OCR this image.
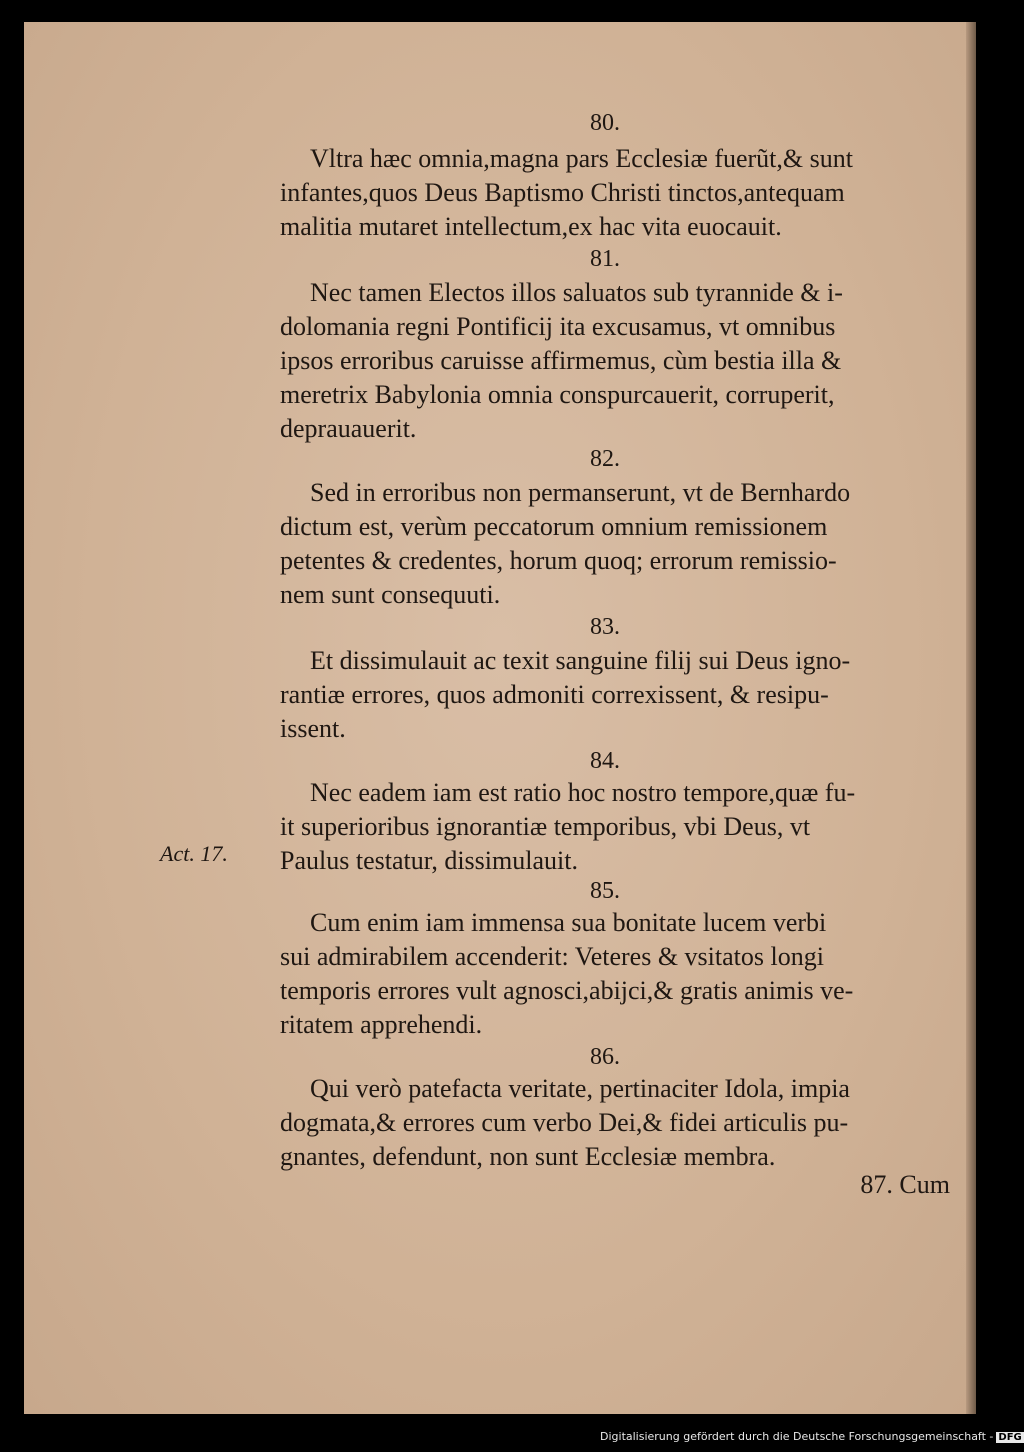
80.

Vltra hæc omnia,magna pars Ecclesiæ fuerũt,& sunt
infantes,quos Deus Baptismo Christi tinctos,antequam
malitia mutaret intellectum,ex hac vita euocauit.

81.

Nec tamen Electos illos saluatos sub tyrannide & i-
dolomania regni Pontificij ita excusamus, vt omnibus
ipsos erroribus caruisse affirmemus, cùm bestia illa &
meretrix Babylonia omnia conspurcauerit, corruperit,
deprauauerit.

82.

Sed in erroribus non permanserunt, vt de Bernhardo
dictum est, verùm peccatorum omnium remissionem
petentes & credentes, horum quoq; errorum remissio-
nem sunt consequuti.

83.

Et dissimulauit ac texit sanguine filij sui Deus igno-
rantiæ errores, quos admoniti correxissent, & resipu-
issent.

84.

Nec eadem iam est ratio hoc nostro tempore,quæ fu-
it superioribus ignorantiæ temporibus, vbi Deus, vt
Paulus testatur, dissimulauit.

Act. 17.
85.

Cum enim iam immensa sua bonitate lucem verbi
sui admirabilem accenderit: Veteres & vsitatos longi
temporis errores vult agnosci,abijci,& gratis animis ve-
ritatem apprehendi.

86.

Qui verò patefacta veritate, pertinaciter Idola, impia
dogmata,& errores cum verbo Dei,& fidei articulis pu-
gnantes, defendunt, non sunt Ecclesiæ membra.

87. Cum
Digitalisierung gefördert durch die Deutsche Forschungsgemeinschaft - DFG
